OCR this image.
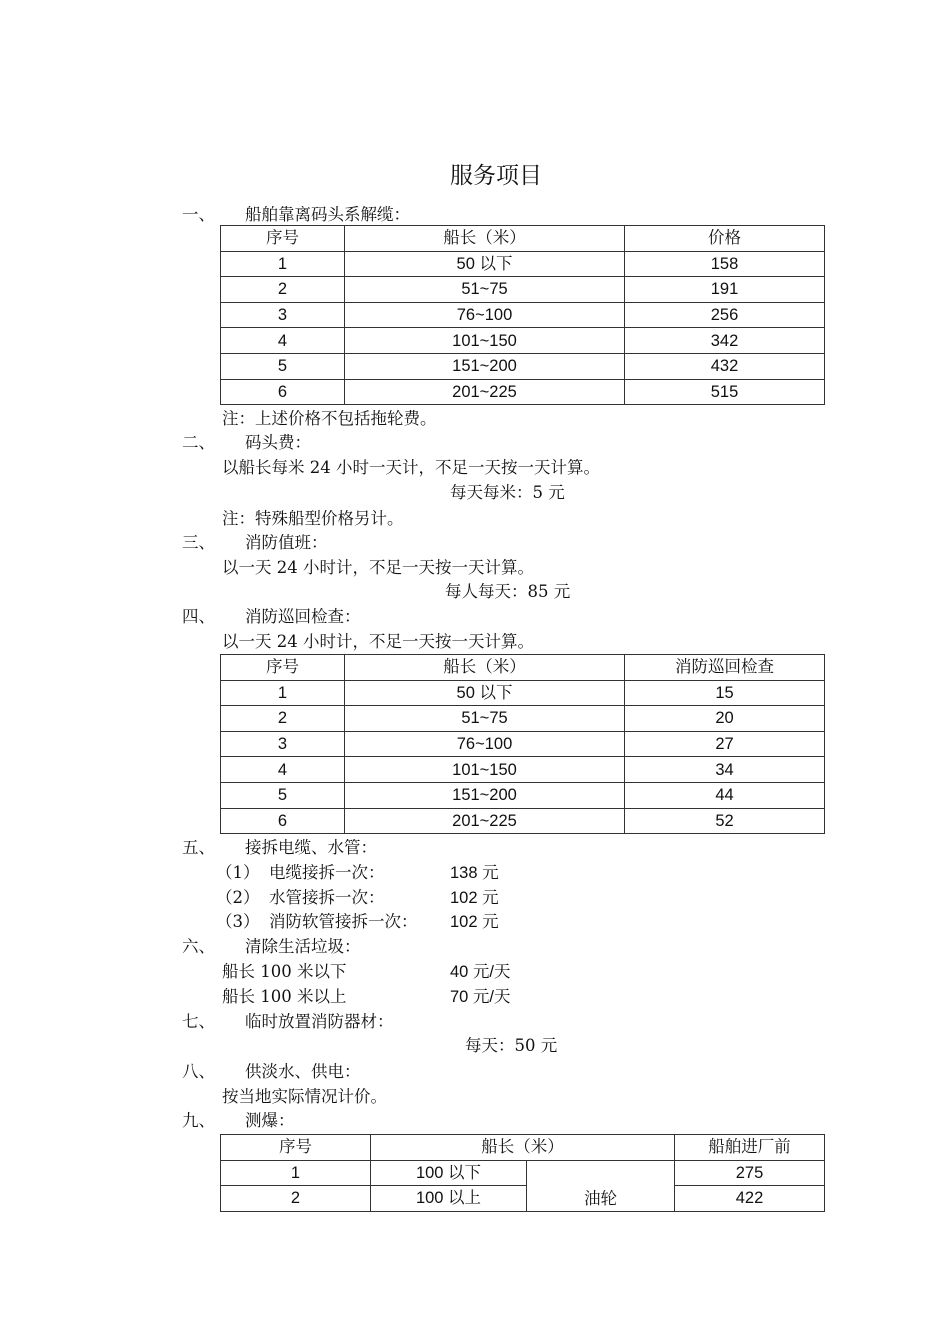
服务项目
一、 船舶靠离码头系解缆：
序号	船长（米）	价格
1	50 以下	158
2	51~75	191
3	76~100	256
4	101~150	342
5	151~200	432
6	201~225	515
注：上述价格不包括拖轮费。
二、 码头费：
以船长每米 24 小时一天计，不足一天按一天计算。
每天每米：5 元
注：特殊船型价格另计。
三、 消防值班：
以一天 24 小时计，不足一天按一天计算。
每人每天：85 元
四、 消防巡回检查：
以一天 24 小时计，不足一天按一天计算。
序号	船长（米）	消防巡回检查
1	50 以下	15
2	51~75	20
3	76~100	27
4	101~150	34
5	151~200	44
6	201~225	52
五、 接拆电缆、水管：
（1） 电缆接拆一次：	138 元
（2） 水管接拆一次：	102 元
（3） 消防软管接拆一次： 102 元
六、 清除生活垃圾：
船长 100 米以下	40 元/天
船长 100 米以上	70 元/天
七、 临时放置消防器材：
每天：50 元
八、 供淡水、供电：
按当地实际情况计价。
九、 测爆：
序号	船长（米）		船舶进厂前
1	100 以下	油轮	275
2	100 以上		422
